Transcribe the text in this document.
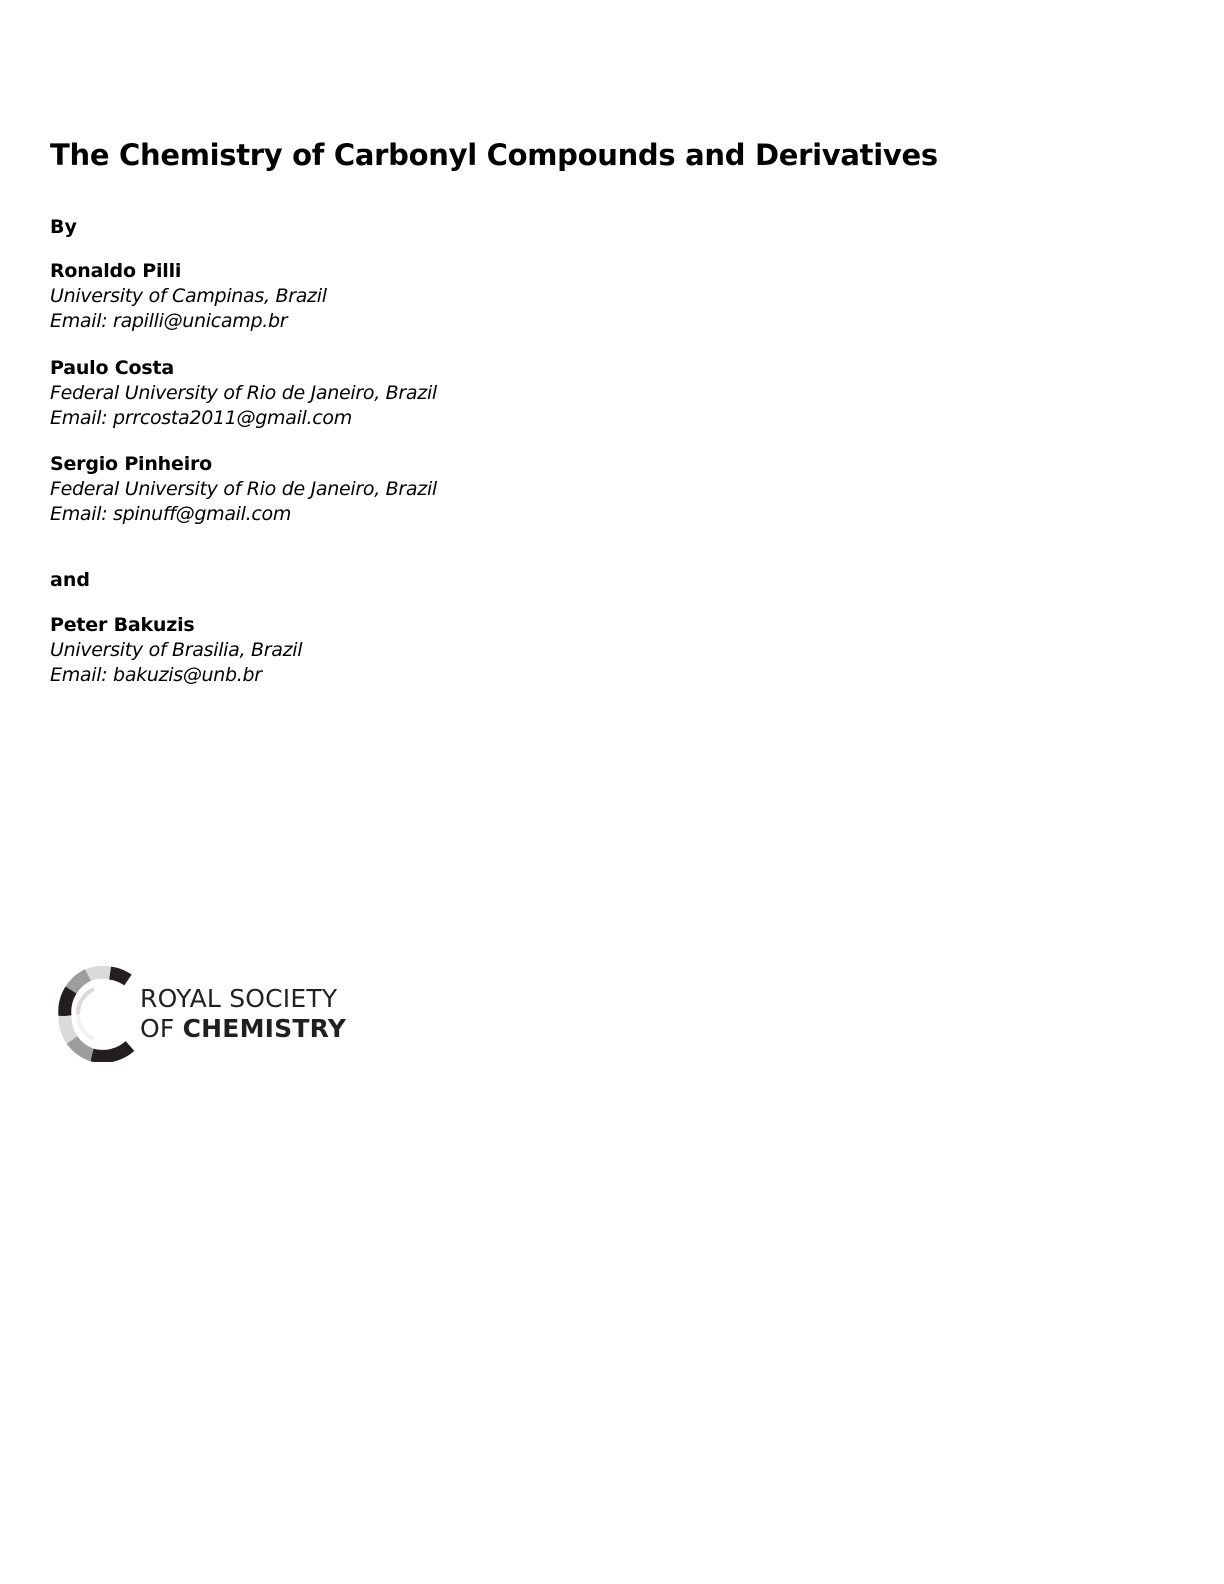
The Chemistry of Carbonyl Compounds and Derivatives

By

Ronaldo Pilli
University of Campinas, Brazil
Email: rapilli@unicamp.br
Paulo Costa
Federal University of Rio de Janeiro, Brazil
Email: prrcosta2011@gmail.com
Sergio Pinheiro
Federal University of Rio de Janeiro, Brazil
Email: spinuff@gmail.com

and

Peter Bakuzis
University of Brasilia, Brazil
Email: bakuzis@unb.br
ROYAL SOCIETY
OF CHEMISTRY
